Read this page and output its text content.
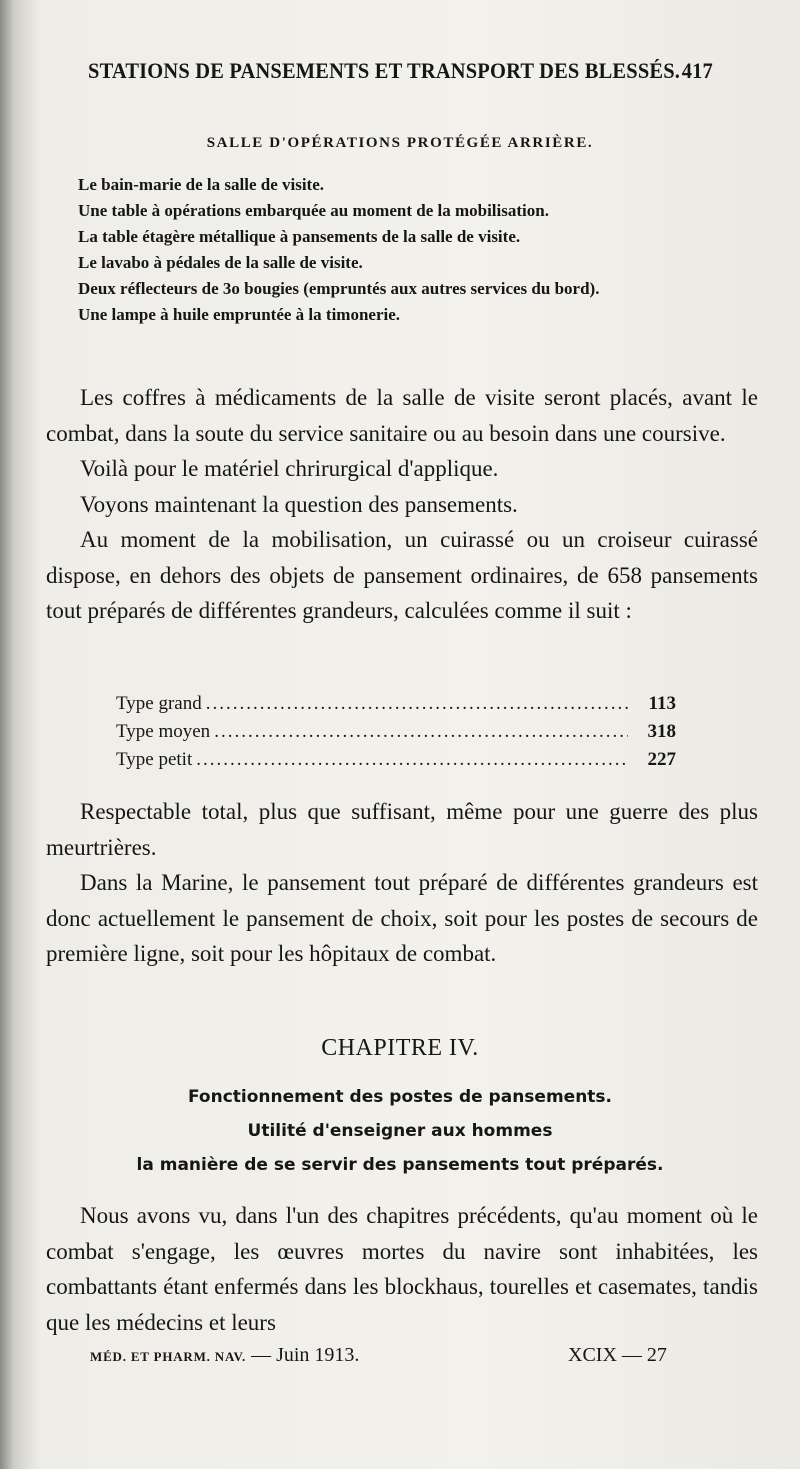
STATIONS DE PANSEMENTS ET TRANSPORT DES BLESSÉS. 417
SALLE D'OPÉRATIONS PROTÉGÉE ARRIÈRE.

Le bain-marie de la salle de visite.

Une table à opérations embarquée au moment de la mobilisation.

La table étagère métallique à pansements de la salle de visite.

Le lavabo à pédales de la salle de visite.

Deux réflecteurs de 3o bougies (empruntés aux autres services du bord).

Une lampe à huile empruntée à la timonerie.

Les coffres à médicaments de la salle de visite seront placés, avant le combat, dans la soute du service sanitaire ou au besoin dans une coursive.

Voilà pour le matériel chrirurgical d'applique.

Voyons maintenant la question des pansements.

Au moment de la mobilisation, un cuirassé ou un croiseur cuirassé dispose, en dehors des objets de pansement ordinaires, de 658 pansements tout préparés de différentes grandeurs, calculées comme il suit :

Type grand .....	113
Type moyen .....	318
Type petit .....	227

Respectable total, plus que suffisant, même pour une guerre des plus meurtrières.

Dans la Marine, le pansement tout préparé de différentes grandeurs est donc actuellement le pansement de choix, soit pour les postes de secours de première ligne, soit pour les hôpitaux de combat.

CHAPITRE IV.
Fonctionnement des postes de pansements.
Utilité d'enseigner aux hommes
la manière de se servir des pansements tout préparés.

Nous avons vu, dans l'un des chapitres précédents, qu'au moment où le combat s'engage, les œuvres mortes du navire sont inhabitées, les combattants étant enfermés dans les blockhaus, tourelles et casemates, tandis que les médecins et leurs

MÉD. ET PHARM. NAV. — Juin 1913.	XCIX — 27
